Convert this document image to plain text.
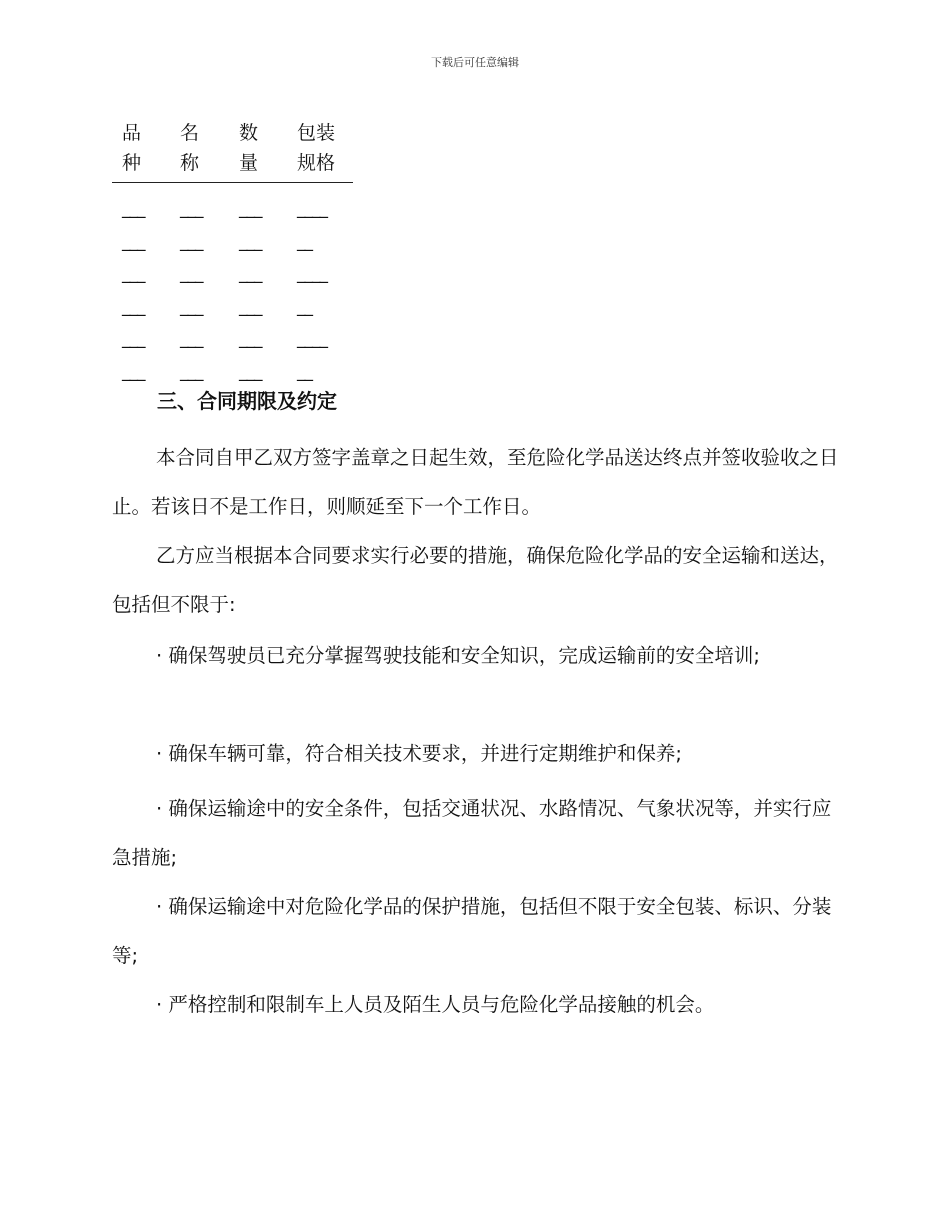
下载后可任意编辑
品
种
名
称
数
量
包装
规格
___
___
___
___
___
___
____
__
___
___
___
___
___
___
____
__
___
___
___
___
___
___
____
__
三、合同期限及约定

本合同自甲乙双方签字盖章之日起生效，至危险化学品送达终点并签收验收之日止。若该日不是工作日，则顺延至下一个工作日。

乙方应当根据本合同要求实行必要的措施，确保危险化学品的安全运输和送达，包括但不限于:

· 确保驾驶员已充分掌握驾驶技能和安全知识，完成运输前的安全培训;

· 确保车辆可靠，符合相关技术要求，并进行定期维护和保养;

· 确保运输途中的安全条件，包括交通状况、水路情况、气象状况等，并实行应急措施;

· 确保运输途中对危险化学品的保护措施，包括但不限于安全包装、标识、分装等;

· 严格控制和限制车上人员及陌生人员与危险化学品接触的机会。
